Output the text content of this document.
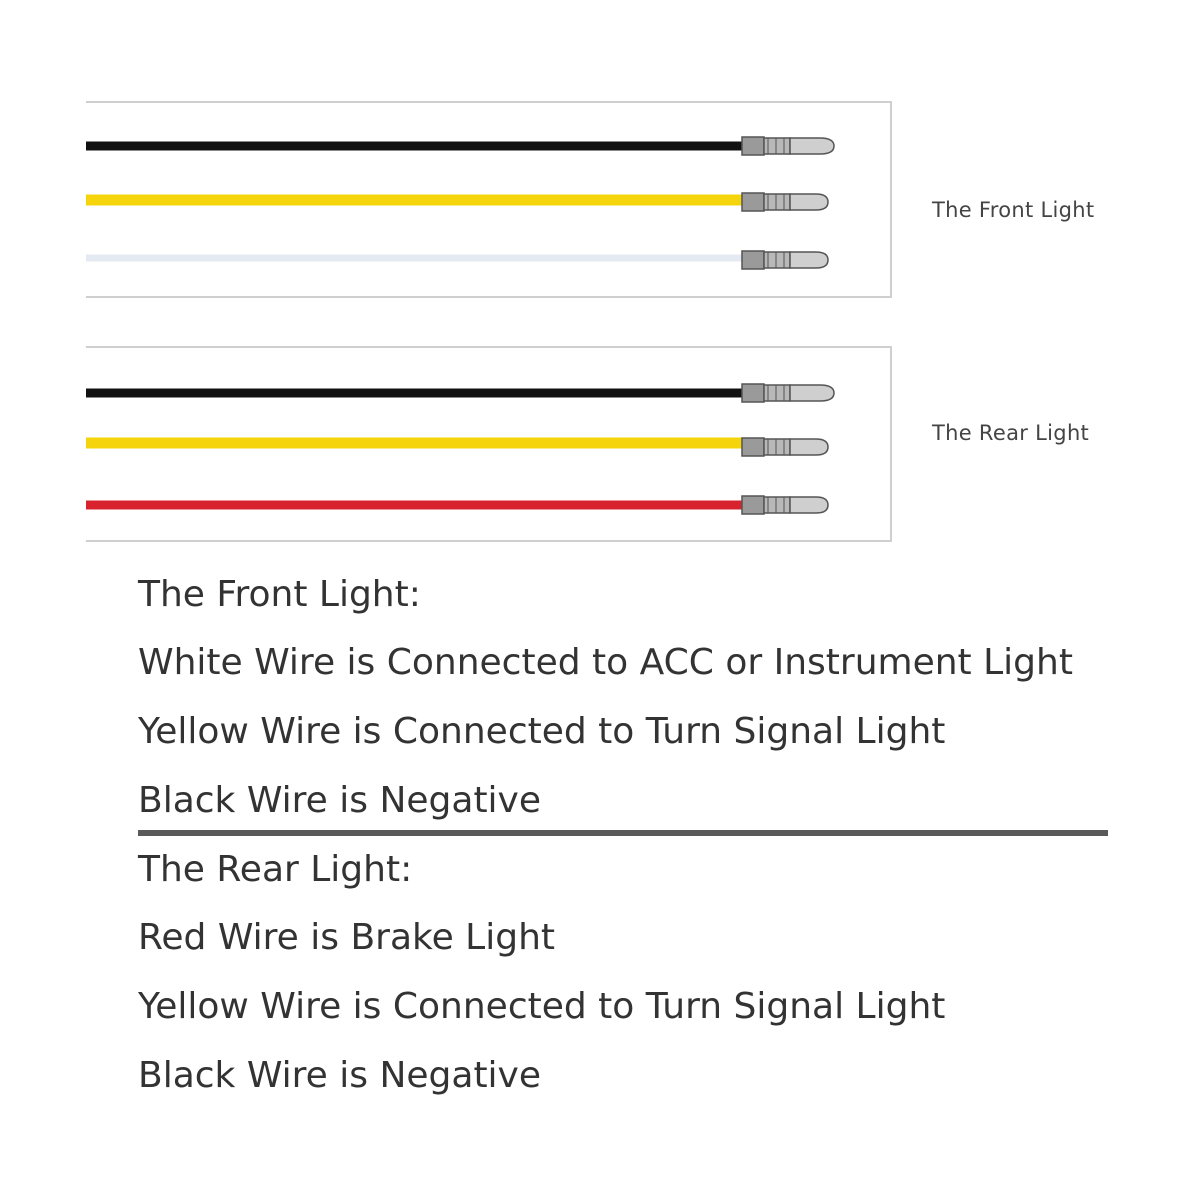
The Front Light
The Rear Light
The Front Light:
White Wire is Connected to ACC or Instrument Light
Yellow Wire is Connected to Turn Signal Light
Black Wire is Negative
The Rear Light:
Red Wire is Brake Light
Yellow Wire is Connected to Turn Signal Light
Black Wire is Negative
